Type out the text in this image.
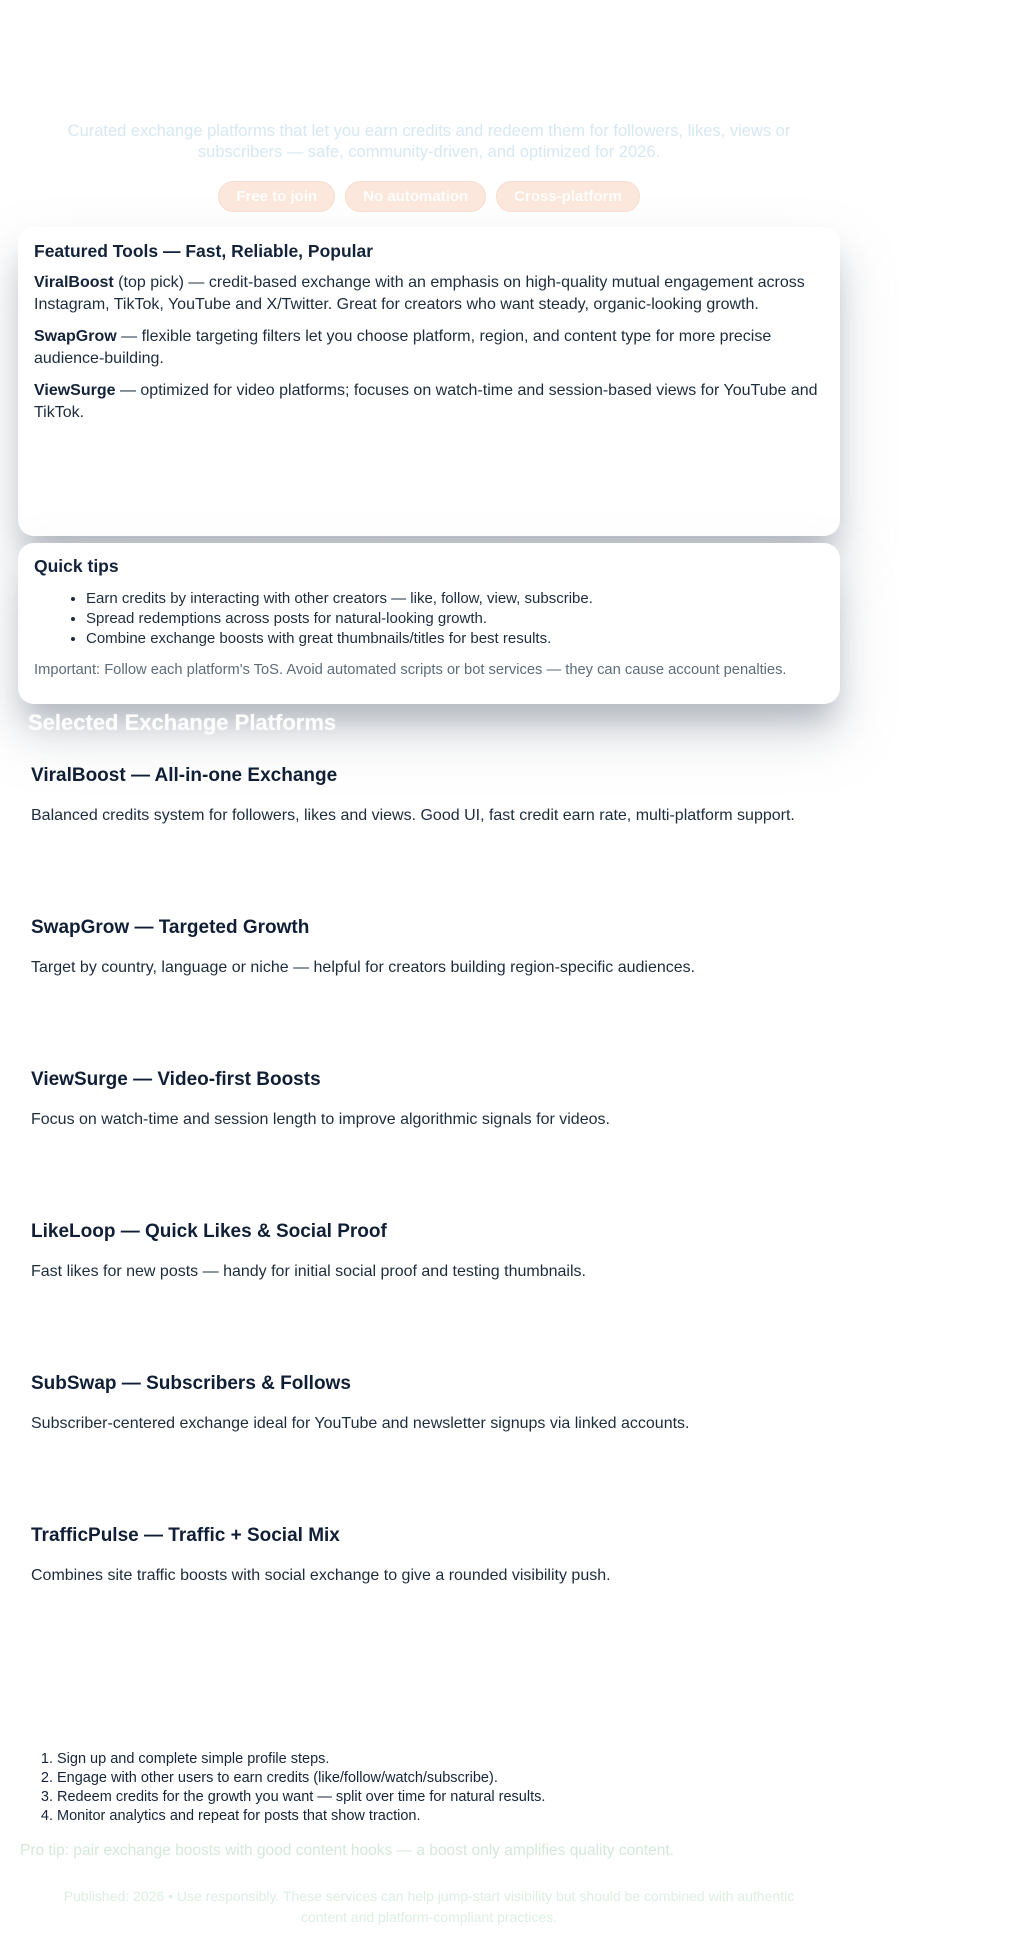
Curated exchange platforms that let you earn credits and redeem them for followers, likes, views or subscribers — safe, community-driven, and optimized for 2026.

Free to join	No automation	Cross-platform
Featured Tools — Fast, Reliable, Popular

ViralBoost (top pick) — credit-based exchange with an emphasis on high-quality mutual engagement across Instagram, TikTok, YouTube and X/Twitter. Great for creators who want steady, organic-looking growth.

SwapGrow — flexible targeting filters let you choose platform, region, and content type for more precise audience-building.

ViewSurge — optimized for video platforms; focuses on watch-time and session-based views for YouTube and TikTok.

Quick tips
• Earn credits by interacting with other creators — like, follow, view, subscribe.
• Spread redemptions across posts for natural-looking growth.
• Combine exchange boosts with great thumbnails/titles for best results.

Important: Follow each platform's ToS. Avoid automated scripts or bot services — they can cause account penalties.

Selected Exchange Platforms
ViralBoost — All-in-one Exchange

Balanced credits system for followers, likes and views. Good UI, fast credit earn rate, multi-platform support.

SwapGrow — Targeted Growth

Target by country, language or niche — helpful for creators building region-specific audiences.

ViewSurge — Video-first Boosts

Focus on watch-time and session length to improve algorithmic signals for videos.

LikeLoop — Quick Likes & Social Proof

Fast likes for new posts — handy for initial social proof and testing thumbnails.

SubSwap — Subscribers & Follows

Subscriber-centered exchange ideal for YouTube and newsletter signups via linked accounts.

TrafficPulse — Traffic + Social Mix

Combines site traffic boosts with social exchange to give a rounded visibility push.

1. Sign up and complete simple profile steps.
2. Engage with other users to earn credits (like/follow/watch/subscribe).
3. Redeem credits for the growth you want — split over time for natural results.
4. Monitor analytics and repeat for posts that show traction.

Pro tip: pair exchange boosts with good content hooks — a boost only amplifies quality content.

Published: 2026 • Use responsibly. These services can help jump-start visibility but should be combined with authentic content and platform-compliant practices.
